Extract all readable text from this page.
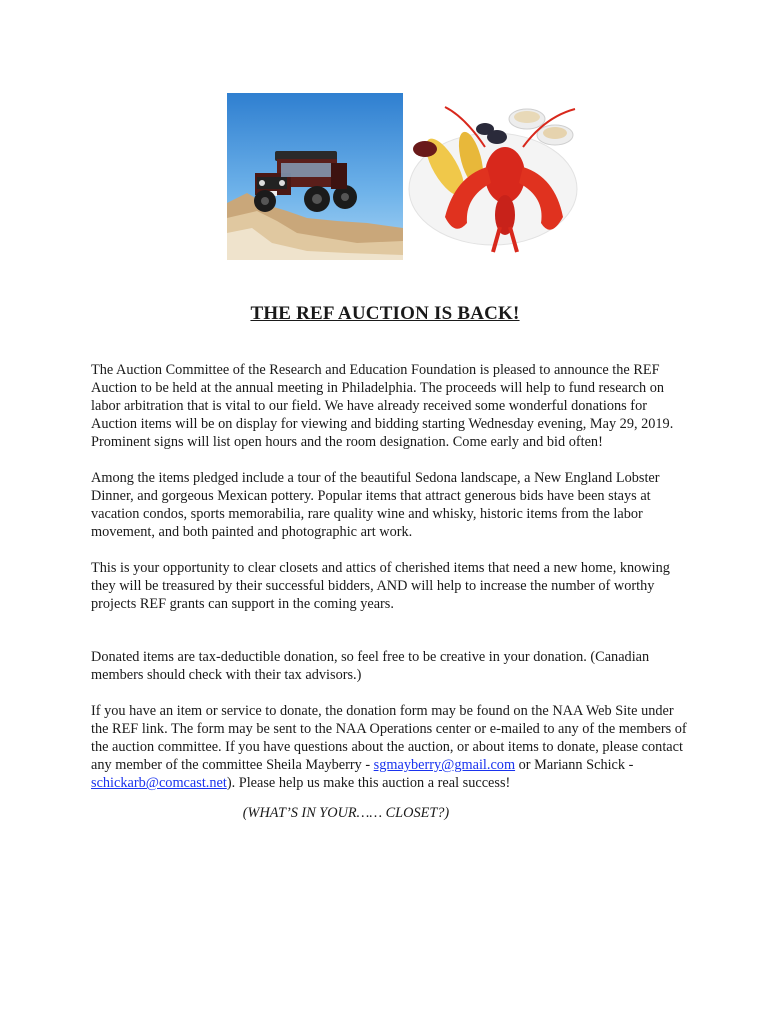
THE REF AUCTION IS BACK!

The Auction Committee of the Research and Education Foundation is pleased to announce the REF Auction to be held at the annual meeting in Philadelphia. The proceeds will help to fund research on labor arbitration that is vital to our field. We have already received some wonderful donations for Auction items will be on display for viewing and bidding starting Wednesday evening, May 29, 2019. Prominent signs will list open hours and the room designation. Come early and bid often!

Among the items pledged include a tour of the beautiful Sedona landscape, a New England Lobster Dinner, and gorgeous Mexican pottery. Popular items that attract generous bids have been stays at vacation condos, sports memorabilia, rare quality wine and whisky, historic items from the labor movement, and both painted and photographic art work.

This is your opportunity to clear closets and attics of cherished items that need a new home, knowing they will be treasured by their successful bidders, AND will help to increase the number of worthy projects REF grants can support in the coming years.

Donated items are tax-deductible donation, so feel free to be creative in your donation. (Canadian members should check with their tax advisors.)

If you have an item or service to donate, the donation form may be found on the NAA Web Site under the REF link. The form may be sent to the NAA Operations center or e-mailed to any of the members of the auction committee. If you have questions about the auction, or about items to donate, please contact any member of the committee Sheila Mayberry - sgmayberry@gmail.com or Mariann Schick - schickarb@comcast.net). Please help us make this auction a real success!

(WHAT’S IN YOUR…… CLOSET?)
